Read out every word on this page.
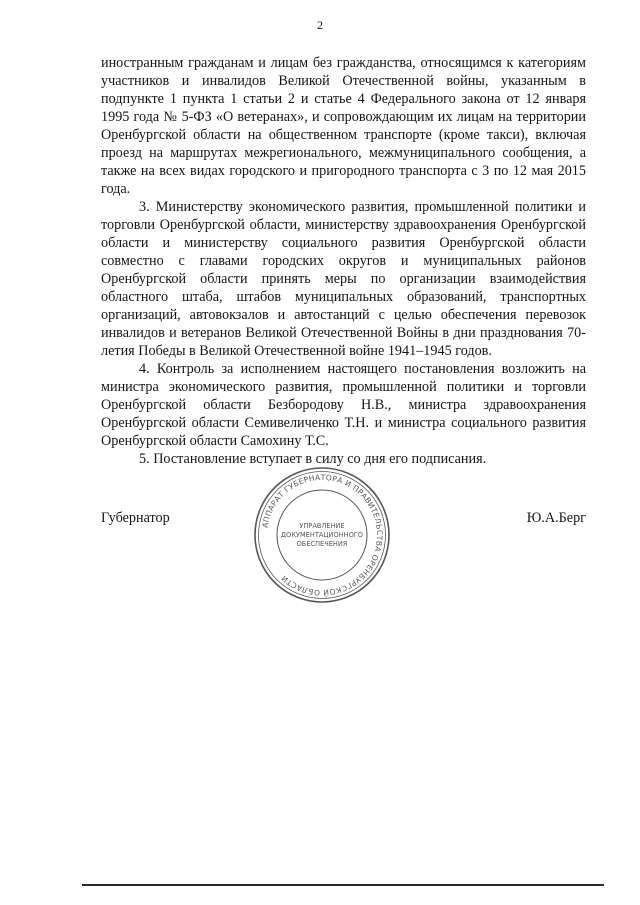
2

иностранным гражданам и лицам без гражданства, относящимся к категориям участников и инвалидов Великой Отечественной войны, указанным в подпункте 1 пункта 1 статьи 2 и статье 4 Федерального закона от 12 января 1995 года № 5-ФЗ «О ветеранах», и сопровождающим их лицам на территории Оренбургской области на общественном транспорте (кроме такси), включая проезд на маршрутах межрегионального, межмуниципального сообщения, а также на всех видах городского и пригородного транспорта с 3 по 12 мая 2015 года.

3. Министерству экономического развития, промышленной политики и торговли Оренбургской области, министерству здравоохранения Оренбургской области и министерству социального развития Оренбургской области совместно с главами городских округов и муниципальных районов Оренбургской области принять меры по организации взаимодействия областного штаба, штабов муниципальных образований, транспортных организаций, автовокзалов и автостанций с целью обеспечения перевозок инвалидов и ветеранов Великой Отечественной Войны в дни празднования 70-летия Победы в Великой Отечественной войне 1941–1945 годов.

4. Контроль за исполнением настоящего постановления возложить на министра экономического развития, промышленной политики и торговли Оренбургской области Безбородову Н.В., министра здравоохранения Оренбургской области Семивеличенко Т.Н. и министра социального развития Оренбургской области Самохину Т.С.

5. Постановление вступает в силу со дня его подписания.

Губернатор	АППАРАТ ГУБЕРНАТОРА И ПРАВИТЕЛЬСТВА ОРЕНБУРГСКОЙ ОБЛАСТИ
УПРАВЛЕНИЕ
ДОКУМЕНТАЦИОННОГО
ОБЕСПЕЧЕНИЯ
Ю.А.Берг
